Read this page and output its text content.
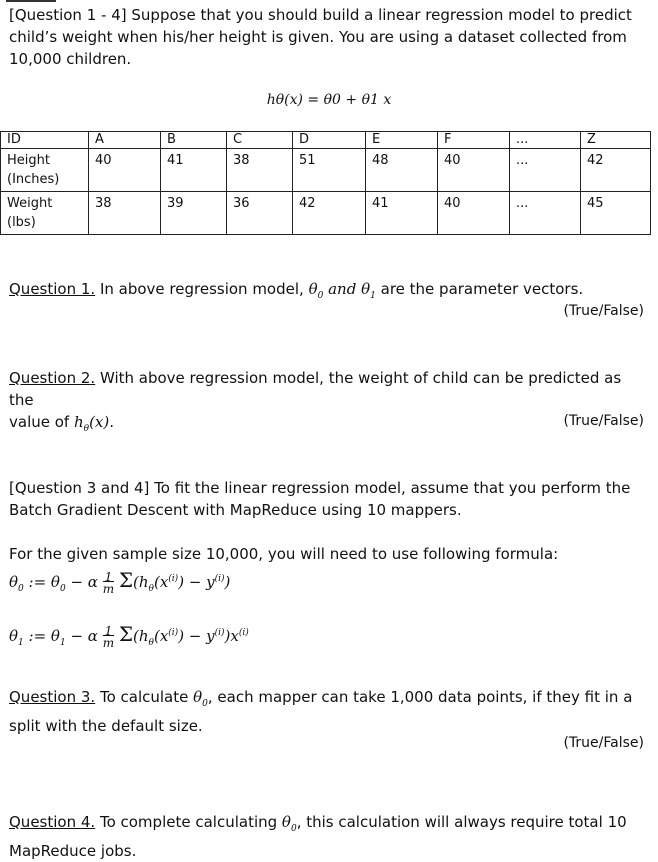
[Question 1 - 4] Suppose that you should build a linear regression model to predict child’s weight when his/her height is given. You are using a dataset collected from 10,000 children.

hθ(x) = θ0 + θ1 x
ID	A	B	C	D	E	F	...	Z
Height
(Inches)	40	41	38	51	48	40	...	42
Weight
(lbs)	38	39	36	42	41	40	...	45

Question 1. In above regression model, $\theta_0$ and $\theta_1$ are the parameter vectors.

(True/False)

Question 2. With above regression model, the weight of child can be predicted as the
value of $h_\theta(x)$.	(True/False)

[Question 3 and 4] To fit the linear regression model, assume that you perform the Batch Gradient Descent with MapReduce using 10 mappers.

For the given sample size 10,000, you will need to use following formula:

$\theta_0$ := $\theta_0 - \alpha \frac{1}{m} \Sigma(h_\theta(x^{(i)}) - y^{(i)})$
$\theta_1$ := $\theta_1 - \alpha \frac{1}{m} \Sigma(h_\theta(x^{(i)}) - y^{(i)})x^{(i)}$

Question 3. To calculate $\theta_0$, each mapper can take 1,000 data points, if they fit in a split with the default size.

(True/False)

Question 4. To complete calculating $\theta_0$, this calculation will always require total 10 MapReduce jobs.
